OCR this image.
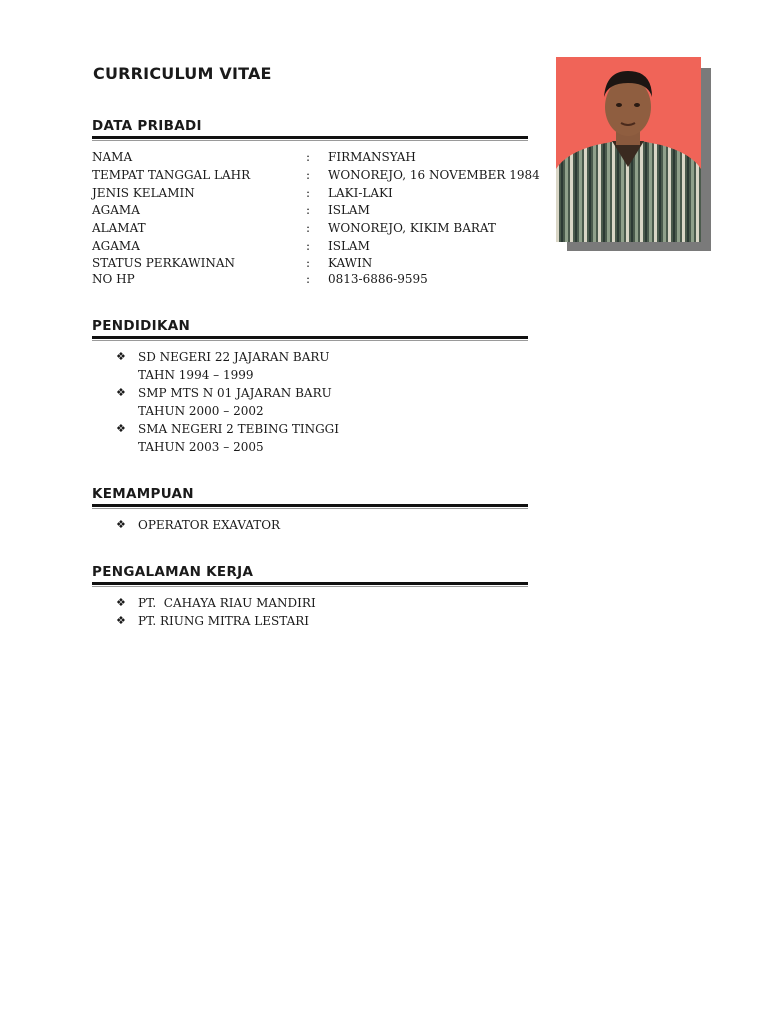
CURRICULUM VITAE
DATA PRIBADI
NAMA	: FIRMANSYAH
TEMPAT TANGGAL LAHR	: WONOREJO, 16 NOVEMBER 1984
JENIS KELAMIN	: LAKI-LAKI
AGAMA	: ISLAM
ALAMAT	: WONOREJO, KIKIM BARAT
AGAMA	: ISLAM
STATUS PERKAWINAN	: KAWIN
NO HP	: 0813-6886-9595
PENDIDIKAN
❖ SD NEGERI 22 JAJARAN BARU
TAHN 1994 – 1999
❖ SMP MTS N 01 JAJARAN BARU
TAHUN 2000 – 2002
❖ SMA NEGERI 2 TEBING TINGGI
TAHUN 2003 – 2005
KEMAMPUAN
❖ OPERATOR EXAVATOR
PENGALAMAN KERJA
❖ PT.  CAHAYA RIAU MANDIRI
❖ PT. RIUNG MITRA LESTARI
